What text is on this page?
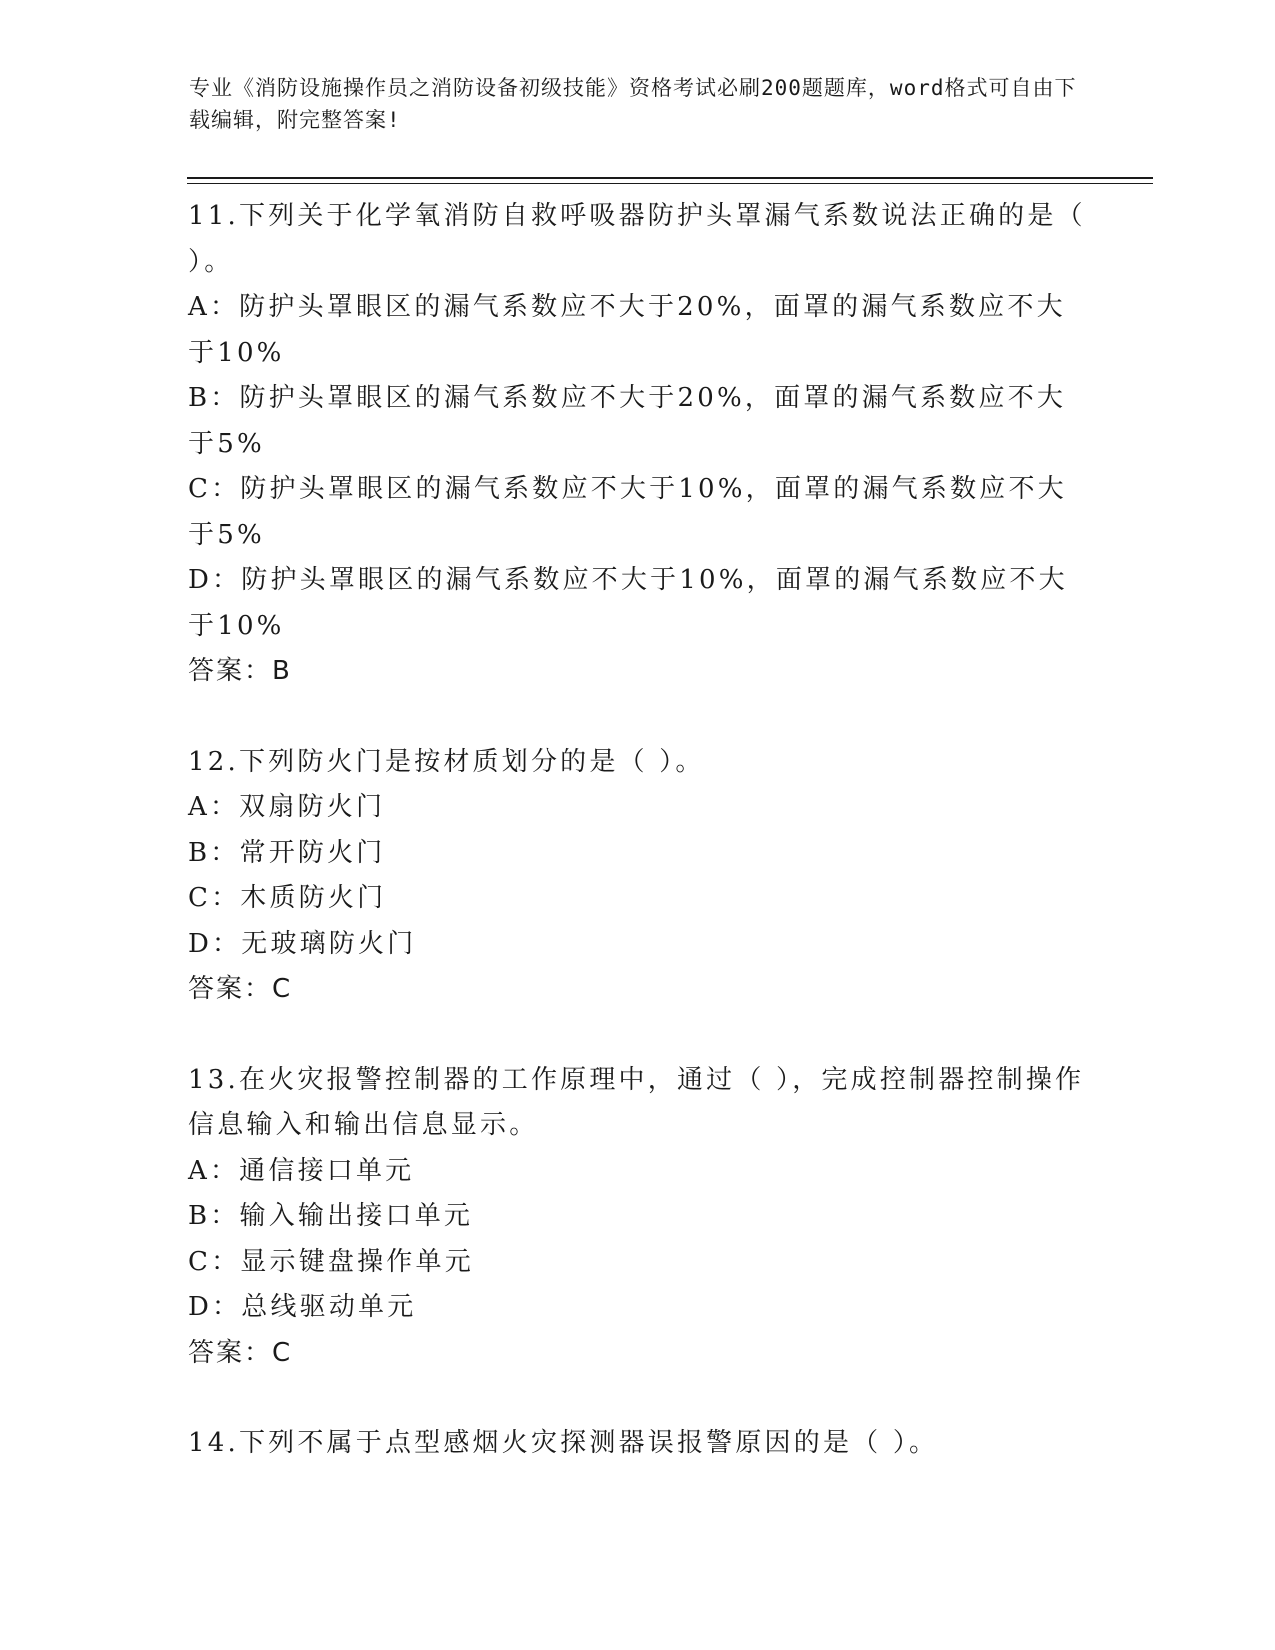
专业《消防设施操作员之消防设备初级技能》资格考试必刷200题题库，word格式可自由下载编辑，附完整答案!

11.下列关于化学氧消防自救呼吸器防护头罩漏气系数说法正确的是（ ）。

A：防护头罩眼区的漏气系数应不大于20%，面罩的漏气系数应不大于10%

B：防护头罩眼区的漏气系数应不大于20%，面罩的漏气系数应不大于5%

C：防护头罩眼区的漏气系数应不大于10%，面罩的漏气系数应不大于5%

D：防护头罩眼区的漏气系数应不大于10%，面罩的漏气系数应不大于10%

答案：B

12.下列防火门是按材质划分的是（ ）。

A：双扇防火门

B：常开防火门

C：木质防火门

D：无玻璃防火门

答案：C

13.在火灾报警控制器的工作原理中，通过（ ），完成控制器控制操作信息输入和输出信息显示。

A：通信接口单元

B：输入输出接口单元

C：显示键盘操作单元

D：总线驱动单元

答案：C

14.下列不属于点型感烟火灾探测器误报警原因的是（ ）。
